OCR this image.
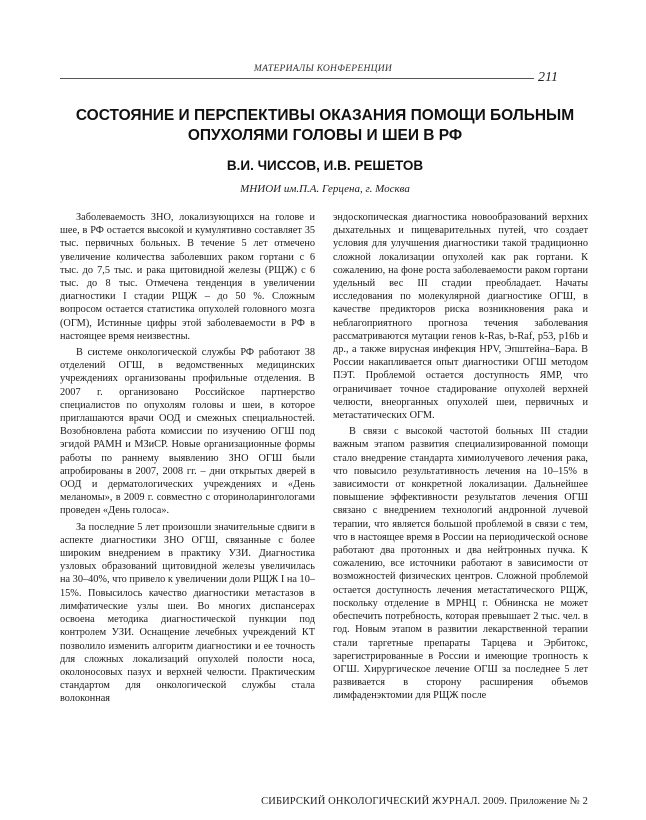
МАТЕРИАЛЫ КОНФЕРЕНЦИИ
211
СОСТОЯНИЕ И ПЕРСПЕКТИВЫ ОКАЗАНИЯ ПОМОЩИ БОЛЬНЫМ ОПУХОЛЯМИ ГОЛОВЫ И ШЕИ В РФ
В.И. ЧИССОВ, И.В. РЕШЕТОВ
МНИОИ им.П.А. Герцена, г. Москва

Заболеваемость ЗНО, локализующихся на голове и шее, в РФ остается высокой и кумулятивно составляет 35 тыс. первичных больных. В течение 5 лет отмечено увеличение количества заболевших раком гортани с 6 тыс. до 7,5 тыс. и рака щитовидной железы (РЩЖ) с 6 тыс. до 8 тыс. Отмечена тенденция в увеличении диагностики I стадии РЩЖ – до 50 %. Сложным вопросом остается статистика опухолей головного мозга (ОГМ), Истинные цифры этой заболеваемости в РФ в настоящее время неизвестны.

В системе онкологической службы РФ работают 38 отделений ОГШ, в ведомственных медицинских учреждениях организованы профильные отделения. В 2007 г. организовано Российское партнерство специалистов по опухолям головы и шеи, в которое приглашаются врачи ООД и смежных специальностей. Возобновлена работа комиссии по изучению ОГШ под эгидой РАМН и МЗиСР. Новые организационные формы работы по раннему выявлению ЗНО ОГШ были апробированы в 2007, 2008 гг. – дни открытых дверей в ООД и дерматологических учреждениях и «День меланомы», в 2009 г. совместно с оториноларингологами проведен «День голоса».

За последние 5 лет произошли значительные сдвиги в аспекте диагностики ЗНО ОГШ, связанные с более широким внедрением в практику УЗИ. Диагностика узловых образований щитовидной железы увеличилась на 30–40%, что привело к увеличении доли РЩЖ I на 10–15%. Повысилось качество диагностики метастазов в лимфатические узлы шеи. Во многих диспансерах освоена методика диагностической пункции под контролем УЗИ. Оснащение лечебных учреждений КТ позволило изменить алгоритм диагностики и ее точность для сложных локализаций опухолей полости носа, околоносовых пазух и верхней челюсти. Практическим стандартом для онкологической службы стала волоконная

эндоскопическая диагностика новообразований верхних дыхательных и пищеварительных путей, что создает условия для улучшения диагностики такой традиционно сложной локализации опухолей как рак гортани. К сожалению, на фоне роста заболеваемости раком гортани удельный вес III стадии преобладает. Начаты исследования по молекулярной диагностике ОГШ, в качестве предикторов риска возникновения рака и неблагоприятного прогноза течения заболевания рассматриваются мутации генов k-Ras, b-Raf, p53, p16b и др., а также вирусная инфекция HPV, Эпштейна–Бара. В России накапливается опыт диагностики ОГШ методом ПЭТ. Проблемой остается доступность ЯМР, что ограничивает точное стадирование опухолей верхней челюсти, внеорганных опухолей шеи, первичных и метастатических ОГМ.

В связи с высокой частотой больных III стадии важным этапом развития специализированной помощи стало внедрение стандарта химиолучевого лечения рака, что повысило результативность лечения на 10–15% в зависимости от конкретной локализации. Дальнейшее повышение эффективности результатов лечения ОГШ связано с внедрением технологий андронной лучевой терапии, что является большой проблемой в связи с тем, что в настоящее время в России на периодической основе работают два протонных и два нейтронных пучка. К сожалению, все источники работают в зависимости от возможностей физических центров. Сложной проблемой остается доступность лечения метастатического РЩЖ, поскольку отделение в МРНЦ г. Обнинска не может обеспечить потребность, которая превышает 2 тыс. чел. в год. Новым этапом в развитии лекарственной терапии стали таргетные препараты Тарцева и Эрбитокс, зарегистрированные в России и имеющие тропность к ОГШ. Хирургическое лечение ОГШ за последнее 5 лет развивается в сторону расширения объемов лимфаденэктомии для РЩЖ после

СИБИРСКИЙ ОНКОЛОГИЧЕСКИЙ ЖУРНАЛ. 2009. Приложение № 2
